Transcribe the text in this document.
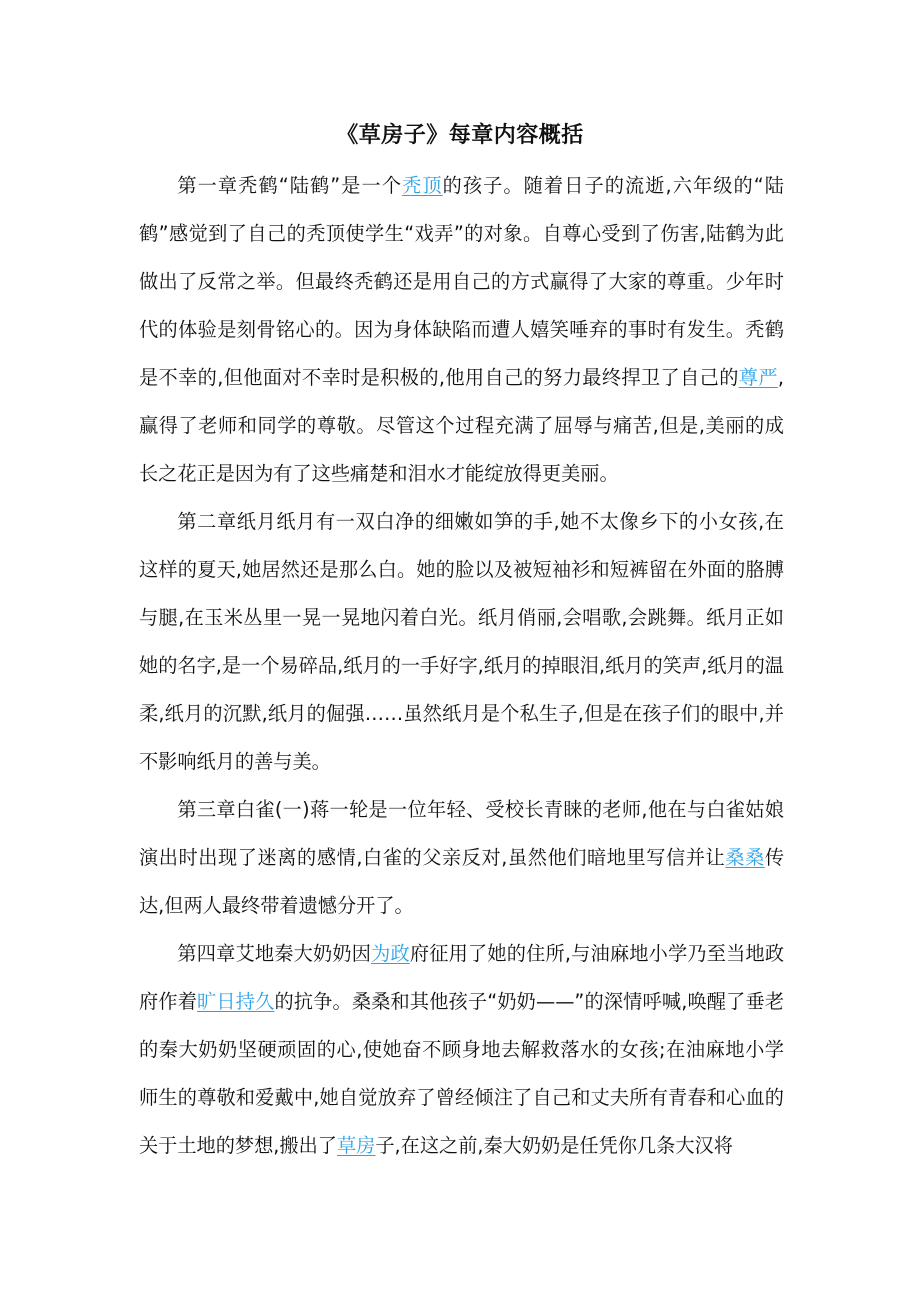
《草房子》每章内容概括

第一章秃鹤“陆鹤”是一个秃顶的孩子。随着日子的流逝,六年级的“陆鹤”感觉到了自己的秃顶使学生“戏弄”的对象。自尊心受到了伤害,陆鹤为此做出了反常之举。但最终秃鹤还是用自己的方式赢得了大家的尊重。少年时代的体验是刻骨铭心的。因为身体缺陷而遭人嬉笑唾弃的事时有发生。秃鹤是不幸的,但他面对不幸时是积极的,他用自己的努力最终捍卫了自己的尊严,赢得了老师和同学的尊敬。尽管这个过程充满了屈辱与痛苦,但是,美丽的成长之花正是因为有了这些痛楚和泪水才能绽放得更美丽。

第二章纸月纸月有一双白净的细嫩如笋的手,她不太像乡下的小女孩,在这样的夏天,她居然还是那么白。她的脸以及被短袖衫和短裤留在外面的胳膊与腿,在玉米丛里一晃一晃地闪着白光。纸月俏丽,会唱歌,会跳舞。纸月正如她的名字,是一个易碎品,纸月的一手好字,纸月的掉眼泪,纸月的笑声,纸月的温柔,纸月的沉默,纸月的倔强……虽然纸月是个私生子,但是在孩子们的眼中,并不影响纸月的善与美。

第三章白雀(一)蒋一轮是一位年轻、受校长青睐的老师,他在与白雀姑娘演出时出现了迷离的感情,白雀的父亲反对,虽然他们暗地里写信并让桑桑传达,但两人最终带着遗憾分开了。

第四章艾地秦大奶奶因为政府征用了她的住所,与油麻地小学乃至当地政府作着旷日持久的抗争。桑桑和其他孩子“奶奶——”的深情呼喊,唤醒了垂老的秦大奶奶坚硬顽固的心,使她奋不顾身地去解救落水的女孩;在油麻地小学师生的尊敬和爱戴中,她自觉放弃了曾经倾注了自己和丈夫所有青春和心血的关于土地的梦想,搬出了草房子,在这之前,秦大奶奶是任凭你几条大汉将
